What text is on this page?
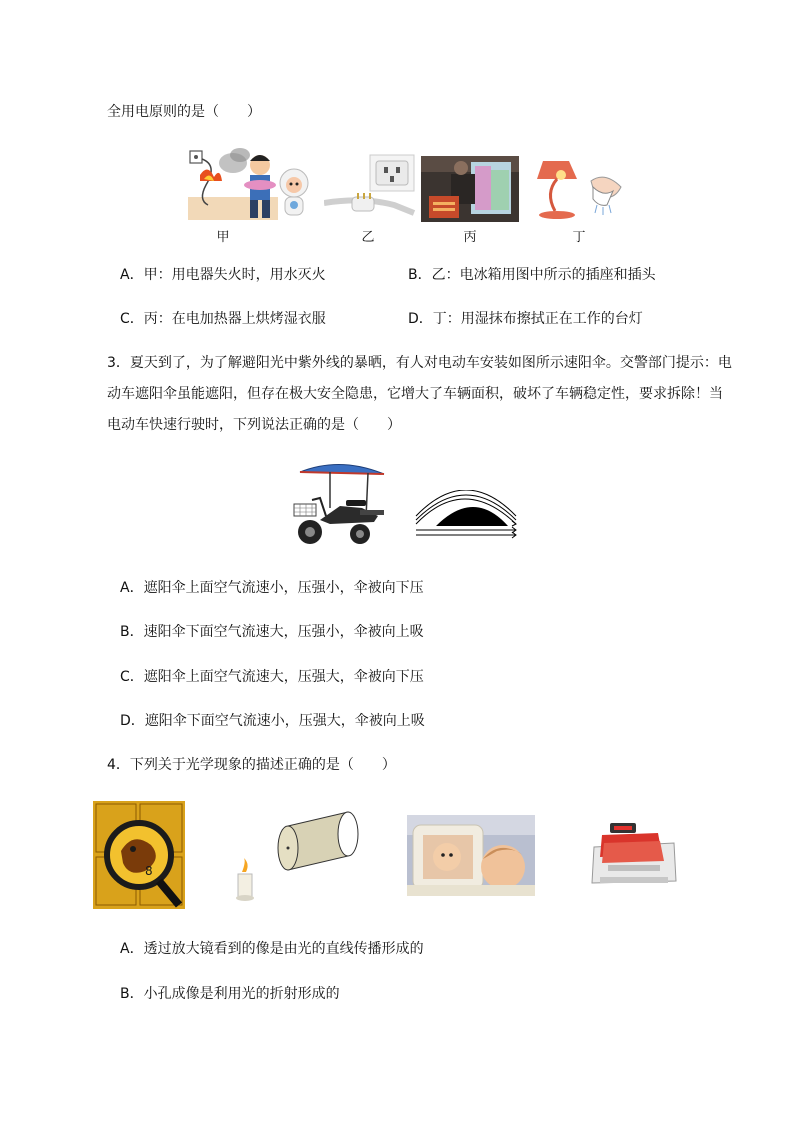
全用电原则的是（　　）
甲	乙	丙	丁
A．甲：用电器失火时，用水灭火	B．乙：电冰箱用图中所示的插座和插头
C．丙：在电加热器上烘烤湿衣服	D．丁：用湿抹布擦拭正在工作的台灯
3．夏天到了，为了解避阳光中紫外线的暴晒，有人对电动车安装如图所示速阳伞。交警部门提示：电
动车遮阳伞虽能遮阳，但存在极大安全隐患，它增大了车辆面积，破坏了车辆稳定性，要求拆除！当
电动车快速行驶时，下列说法正确的是（　　）
A．遮阳伞上面空气流速小，压强小，伞被向下压
B．速阳伞下面空气流速大，压强小，伞被向上吸
C．遮阳伞上面空气流速大，压强大，伞被向下压
D．遮阳伞下面空气流速小，压强大，伞被向上吸
4．下列关于光学现象的描述正确的是（　　）
8
A．透过放大镜看到的像是由光的直线传播形成的
B．小孔成像是利用光的折射形成的
